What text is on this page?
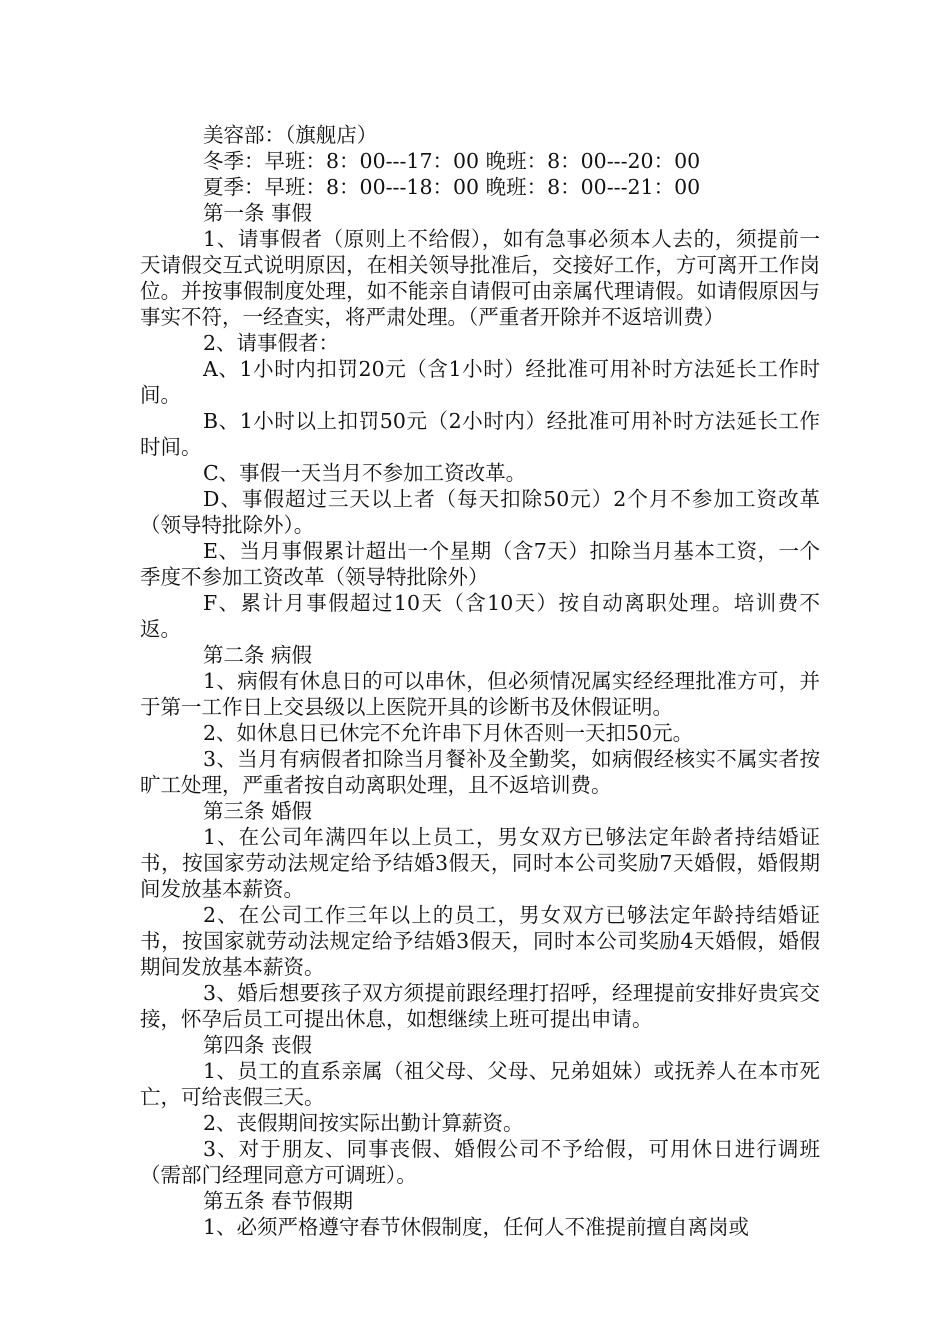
美容部：（旗舰店）

冬季：早班：8：00---17：00 晚班：8：00---20：00

夏季：早班：8：00---18：00 晚班：8：00---21：00

第一条 事假

1、请事假者（原则上不给假），如有急事必须本人去的，须提前一天请假交互式说明原因，在相关领导批准后，交接好工作，方可离开工作岗位。并按事假制度处理，如不能亲自请假可由亲属代理请假。如请假原因与事实不符，一经查实，将严肃处理。（严重者开除并不返培训费）

2、请事假者：

A、1小时内扣罚20元（含1小时）经批准可用补时方法延长工作时间。

B、1小时以上扣罚50元（2小时内）经批准可用补时方法延长工作时间。

C、事假一天当月不参加工资改革。

D、事假超过三天以上者（每天扣除50元）2个月不参加工资改革（领导特批除外）。

E、当月事假累计超出一个星期（含7天）扣除当月基本工资，一个季度不参加工资改革（领导特批除外）

F、累计月事假超过10天（含10天）按自动离职处理。培训费不返。

第二条 病假

1、病假有休息日的可以串休，但必须情况属实经经理批准方可，并于第一工作日上交县级以上医院开具的诊断书及休假证明。

2、如休息日已休完不允许串下月休否则一天扣50元。

3、当月有病假者扣除当月餐补及全勤奖，如病假经核实不属实者按旷工处理，严重者按自动离职处理，且不返培训费。

第三条 婚假

1、在公司年满四年以上员工，男女双方已够法定年龄者持结婚证书，按国家劳动法规定给予结婚3假天，同时本公司奖励7天婚假，婚假期间发放基本薪资。

2、在公司工作三年以上的员工，男女双方已够法定年龄持结婚证书，按国家就劳动法规定给予结婚3假天，同时本公司奖励4天婚假，婚假期间发放基本薪资。

3、婚后想要孩子双方须提前跟经理打招呼，经理提前安排好贵宾交接，怀孕后员工可提出休息，如想继续上班可提出申请。

第四条 丧假

1、员工的直系亲属（祖父母、父母、兄弟姐妹）或抚养人在本市死亡，可给丧假三天。

2、丧假期间按实际出勤计算薪资。

3、对于朋友、同事丧假、婚假公司不予给假，可用休日进行调班（需部门经理同意方可调班）。

第五条 春节假期

1、必须严格遵守春节休假制度，任何人不准提前擅自离岗或
